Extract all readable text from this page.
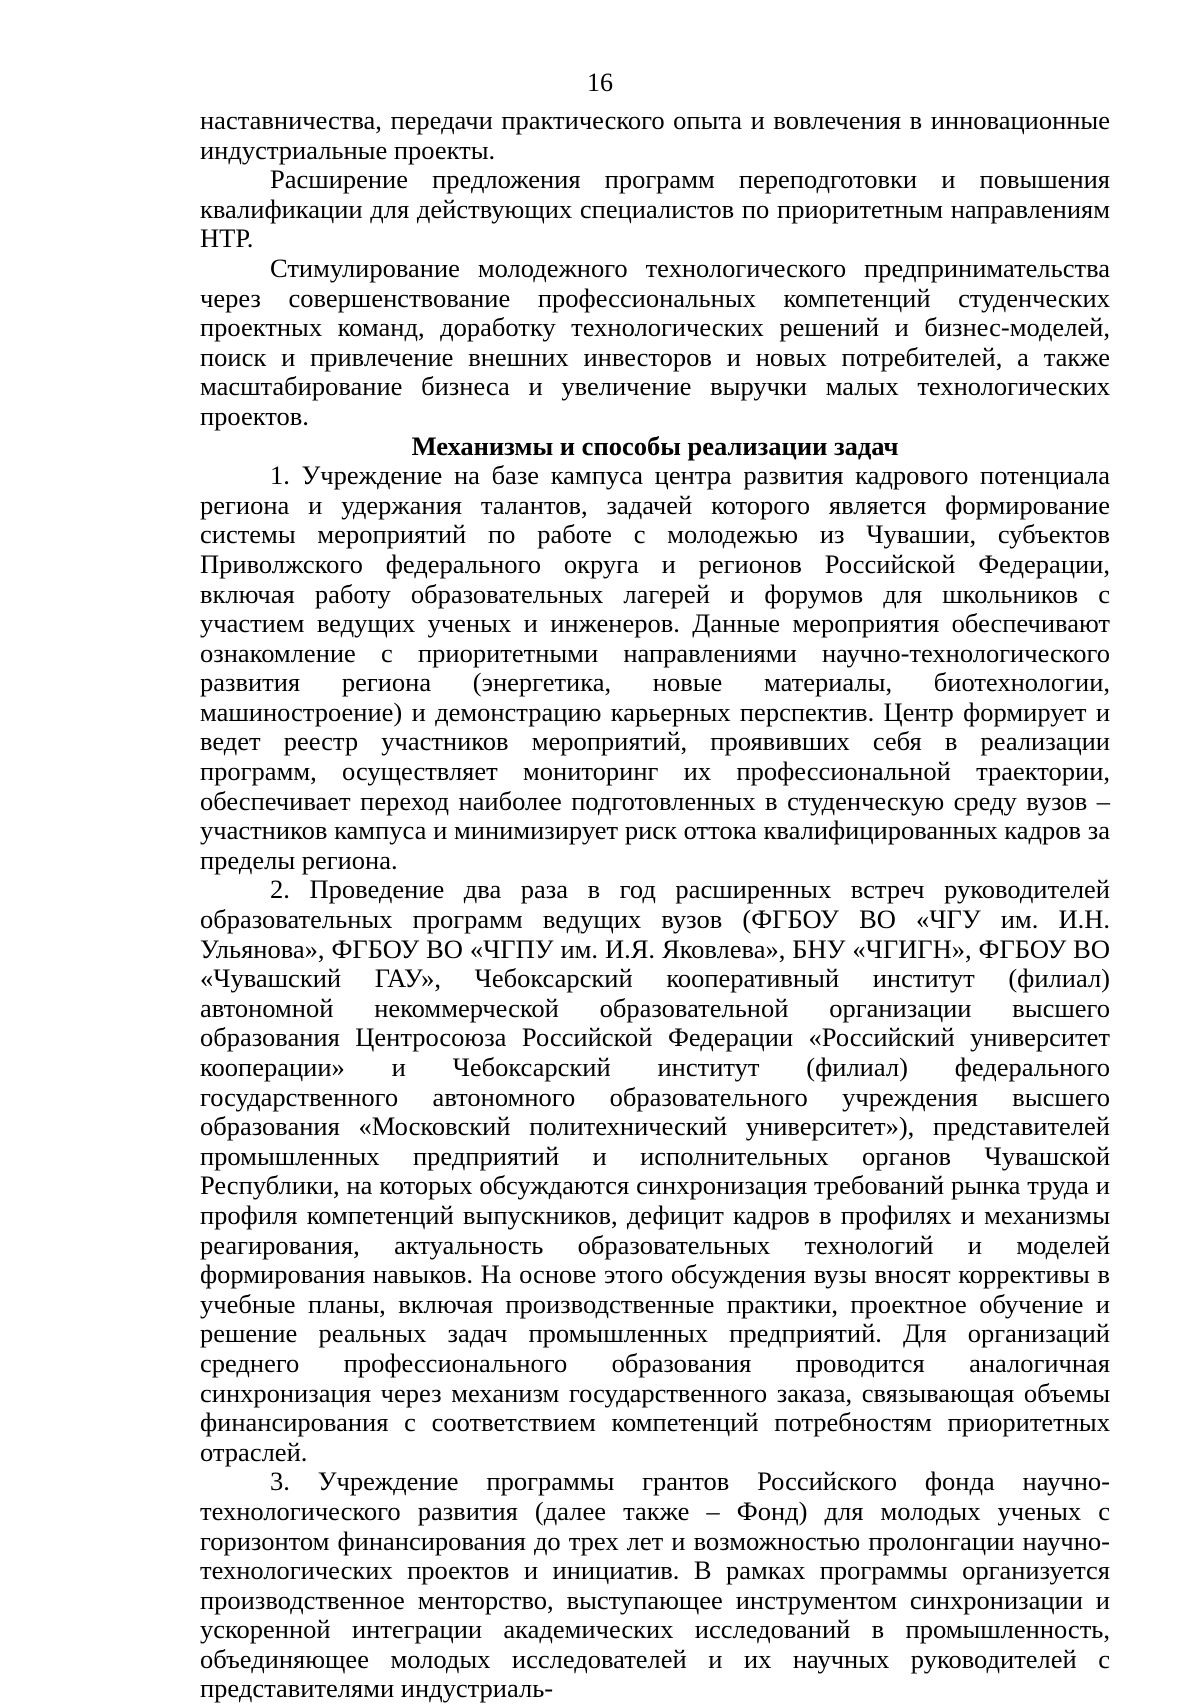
16

наставничества, передачи практического опыта и вовлечения в инновационные индустриальные проекты.

Расширение предложения программ переподготовки и повышения квалификации для действующих специалистов по приоритетным направлениям НТР.

Стимулирование молодежного технологического предпринимательства через совершенствование профессиональных компетенций студенческих проектных команд, доработку технологических решений и бизнес-моделей, поиск и привлечение внешних инвесторов и новых потребителей, а также масштабирование бизнеса и увеличение выручки малых технологических проектов.

Механизмы и способы реализации задач

1. Учреждение на базе кампуса центра развития кадрового потенциала региона и удержания талантов, задачей которого является формирование системы мероприятий по работе с молодежью из Чувашии, субъектов Приволжского федерального округа и регионов Российской Федерации, включая работу образовательных лагерей и форумов для школьников с участием ведущих ученых и инженеров. Данные мероприятия обеспечивают ознакомление с приоритетными направлениями научно-технологического развития региона (энергетика, новые материалы, биотехнологии, машиностроение) и демонстрацию карьерных перспектив. Центр формирует и ведет реестр участников мероприятий, проявивших себя в реализации программ, осуществляет мониторинг их профессиональной траектории, обеспечивает переход наиболее подготовленных в студенческую среду вузов – участников кампуса и минимизирует риск оттока квалифицированных кадров за пределы региона.

2. Проведение два раза в год расширенных встреч руководителей образовательных программ ведущих вузов (ФГБОУ ВО «ЧГУ им. И.Н. Ульянова», ФГБОУ ВО «ЧГПУ им. И.Я. Яковлева», БНУ «ЧГИГН», ФГБОУ ВО «Чувашский ГАУ», Чебоксарский кооперативный институт (филиал) автономной некоммерческой образовательной организации высшего образования Центросоюза Российской Федерации «Российский университет кооперации» и Чебоксарский институт (филиал) федерального государственного автономного образовательного учреждения высшего образования «Московский политехнический университет»), представителей промышленных предприятий и исполнительных органов Чувашской Республики, на которых обсуждаются синхронизация требований рынка труда и профиля компетенций выпускников, дефицит кадров в профилях и механизмы реагирования, актуальность образовательных технологий и моделей формирования навыков. На основе этого обсуждения вузы вносят коррективы в учебные планы, включая производственные практики, проектное обучение и решение реальных задач промышленных предприятий. Для организаций среднего профессионального образования проводится аналогичная синхронизация через механизм государственного заказа, связывающая объемы финансирования с соответствием компетенций потребностям приоритетных отраслей.

3. Учреждение программы грантов Российского фонда научно-технологического развития (далее также – Фонд) для молодых ученых с горизонтом финансирования до трех лет и возможностью пролонгации научно-технологических проектов и инициатив. В рамках программы организуется производственное менторство, выступающее инструментом синхронизации и ускоренной интеграции академических исследований в промышленность, объединяющее молодых исследователей и их научных руководителей с представителями индустриаль-
